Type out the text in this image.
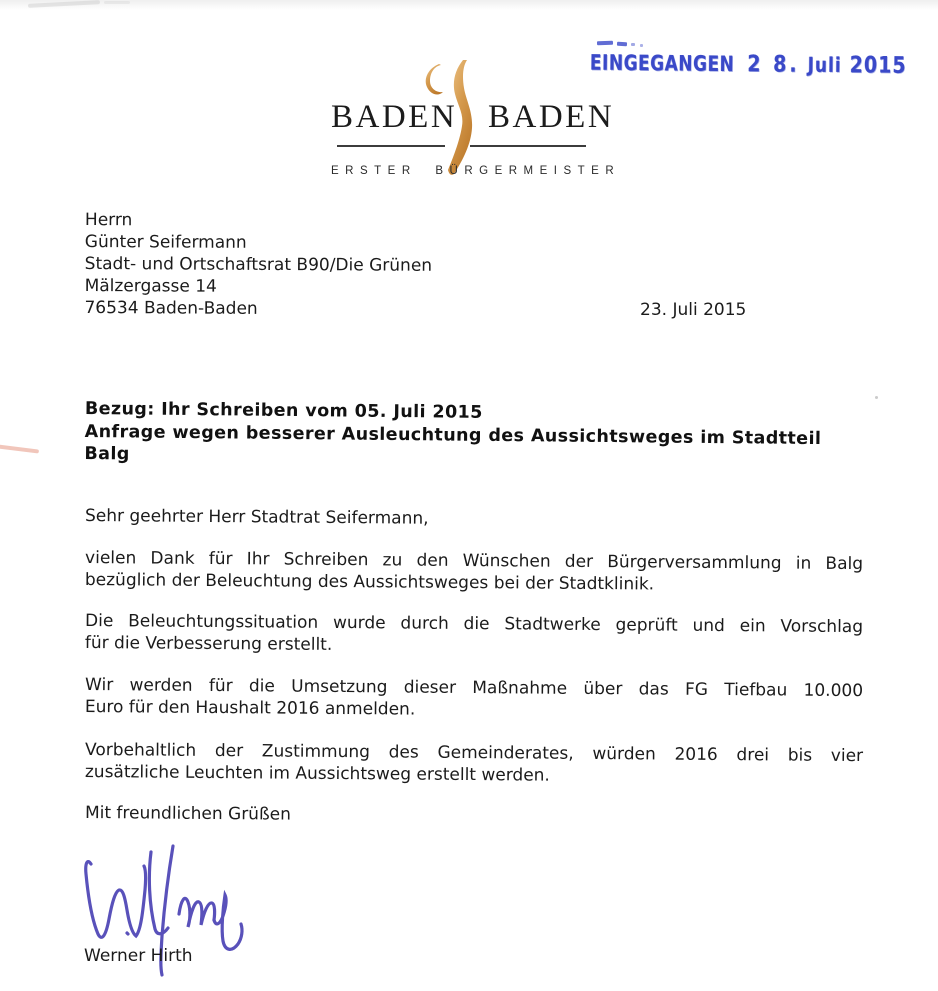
EINGEGANGEN 2 8. Juli 2015
BADEN BADEN
ERSTER BÜRGERMEISTER
Herrn
Günter Seifermann
Stadt- und Ortschaftsrat B90/Die Grünen
Mälzergasse 14
76534 Baden-Baden	23. Juli 2015
Bezug: Ihr Schreiben vom 05. Juli 2015
Anfrage wegen besserer Ausleuchtung des Aussichtsweges im Stadtteil
Balg
Sehr geehrter Herr Stadtrat Seifermann,
vielen Dank für Ihr Schreiben zu den Wünschen der Bürgerversammlung in Balg
bezüglich der Beleuchtung des Aussichtsweges bei der Stadtklinik.
Die Beleuchtungssituation wurde durch die Stadtwerke geprüft und ein Vorschlag
für die Verbesserung erstellt.
Wir werden für die Umsetzung dieser Maßnahme über das FG Tiefbau 10.000
Euro für den Haushalt 2016 anmelden.
Vorbehaltlich der Zustimmung des Gemeinderates, würden 2016 drei bis vier
zusätzliche Leuchten im Aussichtsweg erstellt werden.
Mit freundlichen Grüßen
Werner Hirth
